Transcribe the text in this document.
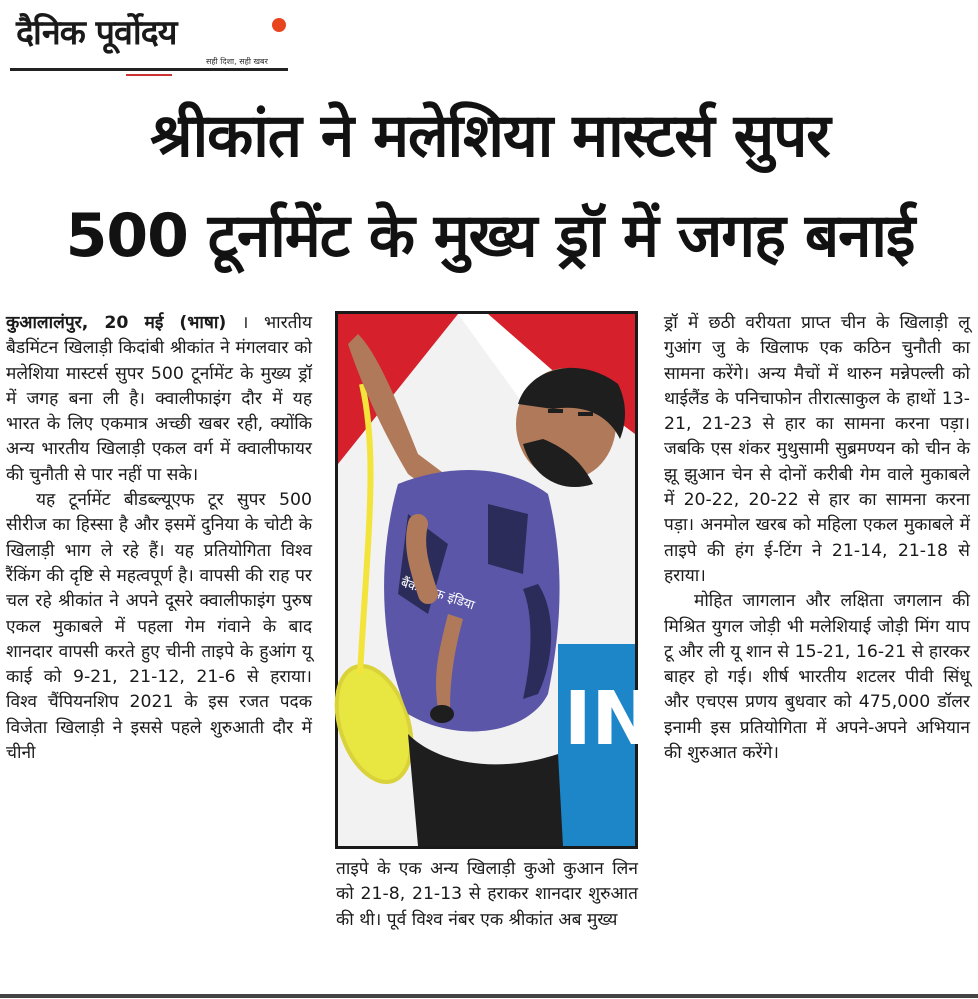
दैनिक पूर्वोदय
सही दिशा, सही खबर
श्रीकांत ने मलेशिया मास्टर्स सुपर
500 टूर्नामेंट के मुख्य ड्रॉ में जगह बनाई

कुआलालंपुर, 20 मई (भाषा) । भारतीय बैडमिंटन खिलाड़ी किदांबी श्रीकांत ने मंगलवार को मलेशिया मास्टर्स सुपर 500 टूर्नामेंट के मुख्य ड्रॉ में जगह बना ली है। क्वालीफाइंग दौर में यह भारत के लिए एकमात्र अच्छी खबर रही, क्योंकि अन्य भारतीय खिलाड़ी एकल वर्ग में क्वालीफायर की चुनौती से पार नहीं पा सके।

यह टूर्नामेंट बीडब्ल्यूएफ टूर सुपर 500 सीरीज का हिस्सा है और इसमें दुनिया के चोटी के खिलाड़ी भाग ले रहे हैं। यह प्रतियोगिता विश्व रैंकिंग की दृष्टि से महत्वपूर्ण है। वापसी की राह पर चल रहे श्रीकांत ने अपने दूसरे क्वालीफाइंग पुरुष एकल मुकाबले में पहला गेम गंवाने के बाद शानदार वापसी करते हुए चीनी ताइपे के हुआंग यू काई को 9-21, 21-12, 21-6 से हराया। विश्व चैंपियनशिप 2021 के इस रजत पदक विजेता खिलाड़ी ने इससे पहले शुरुआती दौर में चीनी	IN
बैंक ऑफ इंडिया

ताइपे के एक अन्य खिलाड़ी कुओ कुआन लिन को 21-8, 21-13 से हराकर शानदार शुरुआत की थी। पूर्व विश्व नंबर एक श्रीकांत अब मुख्य

ड्रॉ में छठी वरीयता प्राप्त चीन के खिलाड़ी लू गुआंग जु के खिलाफ एक कठिन चुनौती का सामना करेंगे। अन्य मैचों में थारुन मन्नेपल्ली को थाईलैंड के पनिचाफोन तीरात्साकुल के हाथों 13-21, 21-23 से हार का सामना करना पड़ा। जबकि एस शंकर मुथुसामी सुब्रमण्यन को चीन के झू झुआन चेन से दोनों करीबी गेम वाले मुकाबले में 20-22, 20-22 से हार का सामना करना पड़ा। अनमोल खरब को महिला एकल मुकाबले में ताइपे की हंग ई-टिंग ने 21-14, 21-18 से हराया।

मोहित जागलान और लक्षिता जगलान की मिश्रित युगल जोड़ी भी मलेशियाई जोड़ी मिंग याप टू और ली यू शान से 15-21, 16-21 से हारकर बाहर हो गई। शीर्ष भारतीय शटलर पीवी सिंधू और एचएस प्रणय बुधवार को 475,000 डॉलर इनामी इस प्रतियोगिता में अपने-अपने अभियान की शुरुआत करेंगे।
